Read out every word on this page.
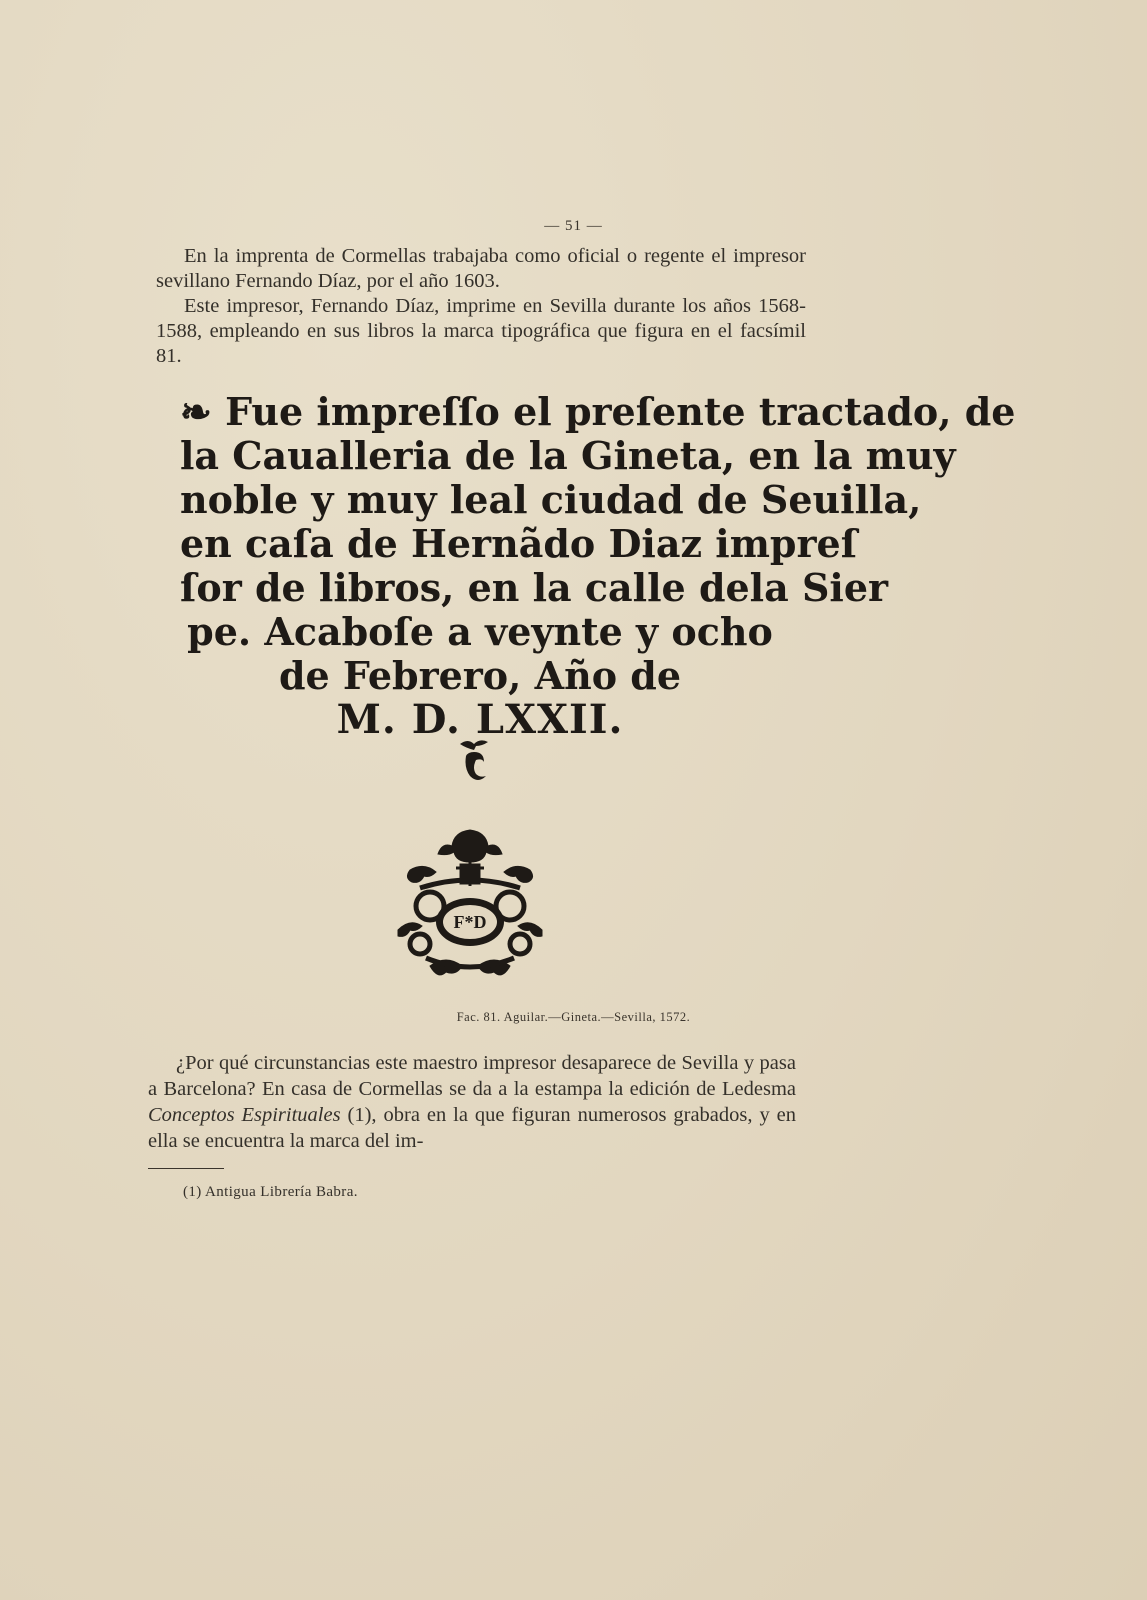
— 51 —

En la imprenta de Cormellas trabajaba como oficial o regente el impresor sevillano Fernando Díaz, por el año 1603.

Este impresor, Fernando Díaz, imprime en Sevilla durante los años 1568-1588, empleando en sus libros la marca tipográfica que figura en el facsímil 81.

❧ Fue impreſſo el preſente tractado, de
la Caualleria de la Gineta, en la muy
noble y muy leal ciudad de Seuilla,
en caſa de Hernãdo Diaz impreſ
ſor de libros, en la calle dela Sier
pe. Acaboſe a veynte y ocho
de Febrero, Año de
M. D. LXXII.
F*D
Fac. 81. Aguilar.—Gineta.—Sevilla, 1572.

¿Por qué circunstancias este maestro impresor desaparece de Sevilla y pasa a Barcelona? En casa de Cormellas se da a la estampa la edición de Ledesma Conceptos Espirituales (1), obra en la que figuran numerosos grabados, y en ella se encuentra la marca del im-

(1) Antigua Librería Babra.
